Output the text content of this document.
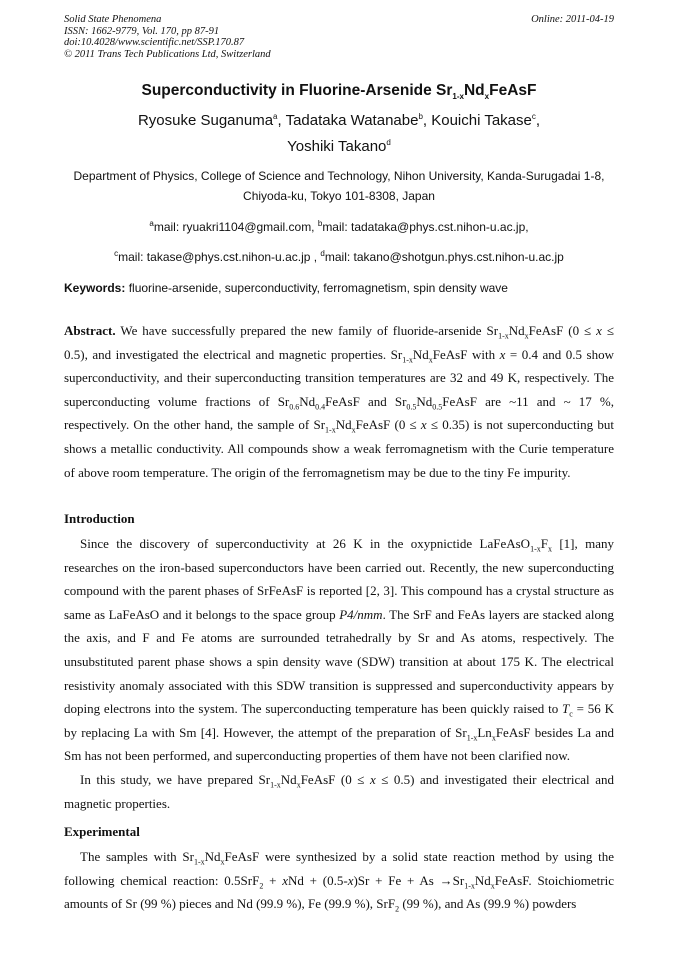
Solid State Phenomena
ISSN: 1662-9779, Vol. 170, pp 87-91
doi:10.4028/www.scientific.net/SSP.170.87
© 2011 Trans Tech Publications Ltd, Switzerland
Online: 2011-04-19
Superconductivity in Fluorine-Arsenide $Sr_{1-x}Nd_xFeAsF$
Ryosuke Suganuma$^a$, Tadataka Watanabe$^b$, Kouichi Takase$^c$,
Yoshiki Takano$^d$
Department of Physics, College of Science and Technology, Nihon University, Kanda-Surugadai 1-8,
Chiyoda-ku, Tokyo 101-8308, Japan
$^a$mail: ryuakri1104@gmail.com, $^b$mail: tadataka@phys.cst.nihon-u.ac.jp,
$^c$mail: takase@phys.cst.nihon-u.ac.jp , $^d$mail: takano@shotgun.phys.cst.nihon-u.ac.jp
Keywords: fluorine-arsenide, superconductivity, ferromagnetism, spin density wave
Abstract. We have successfully prepared the new family of fluoride-arsenide $Sr_{1-x}Nd_xFeAsF$ (0 ≤ x ≤ 0.5), and investigated the electrical and magnetic properties. $Sr_{1-x}Nd_xFeAsF$ with x = 0.4 and 0.5 show superconductivity, and their superconducting transition temperatures are 32 and 49 K, respectively. The superconducting volume fractions of $Sr_{0.6}Nd_{0.4}FeAsF$ and $Sr_{0.5}Nd_{0.5}FeAsF$ are ~11 and ~ 17 %, respectively. On the other hand, the sample of $Sr_{1-x}Nd_xFeAsF$ (0 ≤ x ≤ 0.35) is not superconducting but shows a metallic conductivity. All compounds show a weak ferromagnetism with the Curie temperature of above room temperature. The origin of the ferromagnetism may be due to the tiny Fe impurity.
Introduction

Since the discovery of superconductivity at 26 K in the oxypnictide $LaFeAsO_{1-x}F_x$ [1], many researches on the iron-based superconductors have been carried out. Recently, the new superconducting compound with the parent phases of SrFeAsF is reported [2, 3]. This compound has a crystal structure as same as LaFeAsO and it belongs to the space group P4/nmm. The SrF and FeAs layers are stacked along the axis, and F and Fe atoms are surrounded tetrahedrally by Sr and As atoms, respectively. The unsubstituted parent phase shows a spin density wave (SDW) transition at about 175 K. The electrical resistivity anomaly associated with this SDW transition is suppressed and superconductivity appears by doping electrons into the system. The superconducting temperature has been quickly raised to $T_c = 56$ K by replacing La with Sm [4]. However, the attempt of the preparation of $Sr_{1-x}Ln_xFeAsF$ besides La and Sm has not been performed, and superconducting properties of them have not been clarified now.

In this study, we have prepared $Sr_{1-x}Nd_xFeAsF$ (0 ≤ x ≤ 0.5) and investigated their electrical and magnetic properties.

Experimental

The samples with $Sr_{1-x}Nd_xFeAsF$ were synthesized by a solid state reaction method by using the following chemical reaction: 0.5SrF$_2$ + xNd + $(0.5-x)Sr + Fe + As \to Sr_{1-x}Nd_xFeAsF$. Stoichiometric amounts of Sr (99 %) pieces and Nd (99.9 %), Fe (99.9 %), SrF$_2$ (99 %), and As (99.9 %) powders
